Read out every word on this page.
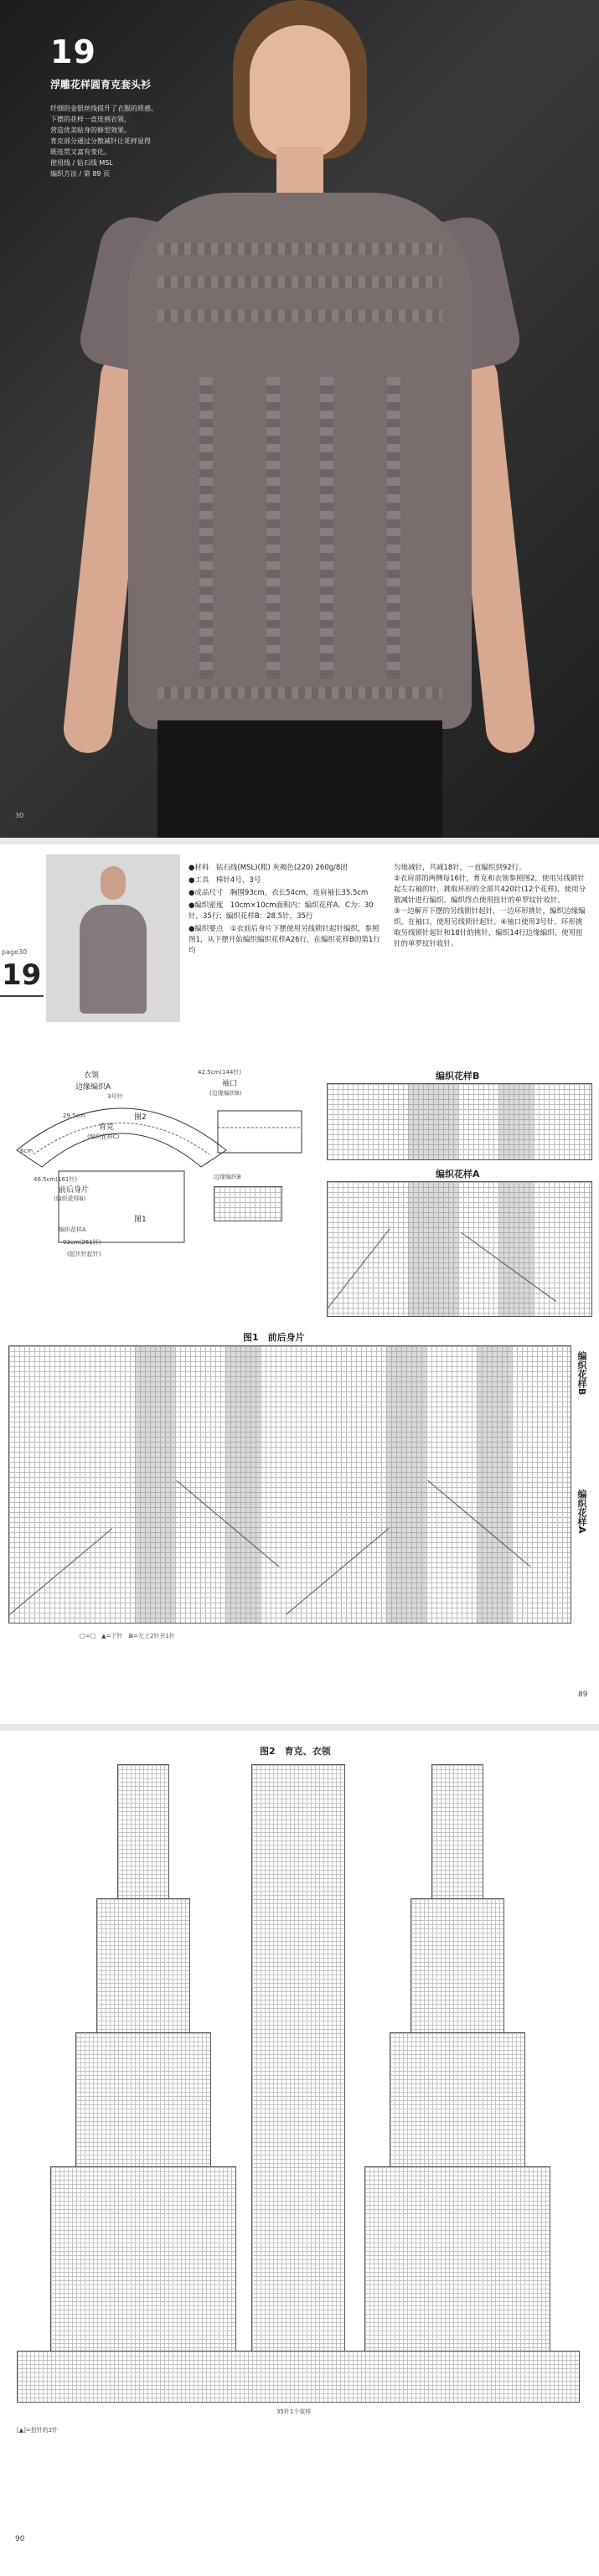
19
浮雕花样圆育克套头衫
纤细的金银丝线提升了衣服的质感。
下摆的花样一直连到衣领，
营造优美贴身的修型效果。
育克部分通过分散减针让花样显得
既连贯又富有变化。
使用线 / 钻石线 MSL
编织方法 / 第 89 页
30
page30
19
●材料　钻石线(MSL)(粗) 灰褐色(220) 260g/8团
●工具　棒针4号、3号
●成品尺寸　胸围93cm，衣长54cm，连肩袖长35.5cm
●编织密度　10cm×10cm面积内：编织花样A、C为：30针，35行；编织花样B：28.5针，35行
●编织要点　①衣前后身片下摆使用另线锁针起针编织，参照图1，从下摆开始编织编织花样A26行，在编织花样B的第1行均
匀地减针，共减18针，一直编织到92行。
②衣肩部的两侧每16针，育克和衣领参照图2，使用另线锁针起左右袖的针，挑取环形的全部共420针(12个花样)，使用分散减针进行编织。编织终点使用扭针的单罗纹针收针。
③一边解开下摆的另线锁针起针，一边环形挑针，编织边缘编织。在袖口，使用另线锁针起针。④袖口使用3号针，环形挑取另线锁针起针和18针的挑针，编织14行边缘编织。使用扭针的单罗纹针收针。
衣领
边缘编织A
3号针
育克
(编织花样C)
图2
42.5cm(144针)
29.5cm
6cm
前后身片
(编织花样B)
图1
编织花样A
46.5cm(161针)
93cm(261针)
(起伏针起针)
袖口
(边缘编织B)
边缘编织B
编织花样B
编织花样A
图1　前后身片
编织花样B
编织花样A
□=□　▲=下针　⊠=左上2针并1针
89
图2　育克、衣领
35针1个花样
[▲]=扭针的2针
90
